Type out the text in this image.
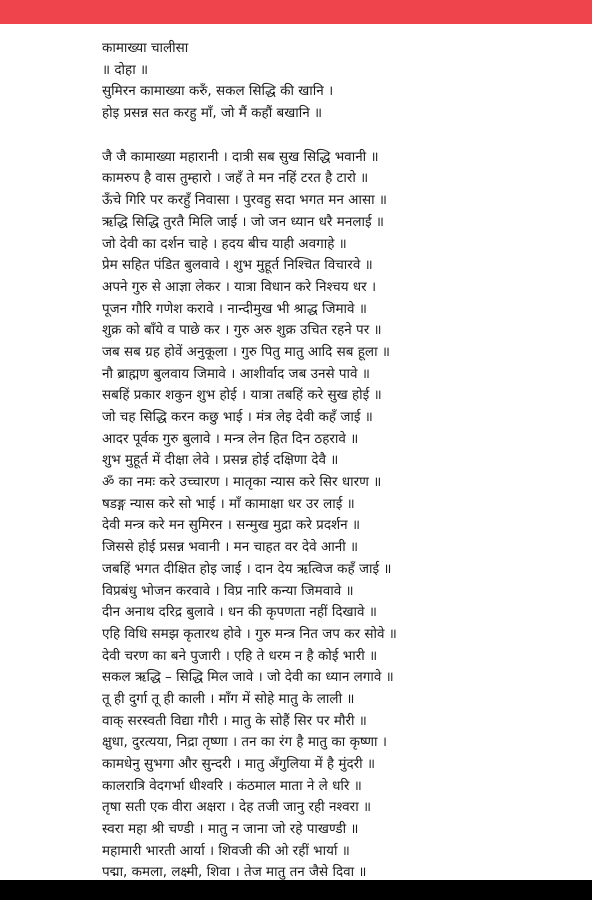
कामाख्या चालीसा
॥ दोहा ॥
सुमिरन कामाख्या करुँ, सकल सिद्धि की खानि ।
होइ प्रसन्न सत करहु माँ, जो मैं कहौं बखानि ॥
जै जै कामाख्या महारानी । दात्री सब सुख सिद्धि भवानी ॥
कामरुप है वास तुम्हारो । जहँ ते मन नहिं टरत है टारो ॥
ऊँचे गिरि पर करहुँ निवासा । पुरवहु सदा भगत मन आसा ॥
ऋद्धि सिद्धि तुरतै मिलि जाई । जो जन ध्यान धरै मनलाई ॥
जो देवी का दर्शन चाहे । हदय बीच याही अवगाहे ॥
प्रेम सहित पंडित बुलवावे । शुभ मुहूर्त निश्चित विचारवे ॥
अपने गुरु से आज्ञा लेकर । यात्रा विधान करे निश्चय धर ।
पूजन गौरि गणेश करावे । नान्दीमुख भी श्राद्ध जिमावे ॥
शुक्र को बाँये व पाछे कर । गुरु अरु शुक्र उचित रहने पर ॥
जब सब ग्रह होवें अनुकूला । गुरु पितु मातु आदि सब हूला ॥
नौ ब्राह्मण बुलवाय जिमावे । आशीर्वाद जब उनसे पावे ॥
सबहिं प्रकार शकुन शुभ होई । यात्रा तबहिं करे सुख होई ॥
जो चह सिद्धि करन कछु भाई । मंत्र लेइ देवी कहँ जाई ॥
आदर पूर्वक गुरु बुलावे । मन्त्र लेन हित दिन ठहरावे ॥
शुभ मुहूर्त में दीक्षा लेवे । प्रसन्न होई दक्षिणा देवै ॥
ॐ का नमः करे उच्चारण । मातृका न्यास करे सिर धारण ॥
षडङ्ग न्यास करे सो भाई । माँ कामाक्षा धर उर लाई ॥
देवी मन्त्र करे मन सुमिरन । सन्मुख मुद्रा करे प्रदर्शन ॥
जिससे होई प्रसन्न भवानी । मन चाहत वर देवे आनी ॥
जबहिं भगत दीक्षित होइ जाई । दान देय ऋत्विज कहँ जाई ॥
विप्रबंधु भोजन करवावे । विप्र नारि कन्या जिमवावे ॥
दीन अनाथ दरिद्र बुलावे । धन की कृपणता नहीं दिखावे ॥
एहि विधि समझ कृतारथ होवे । गुरु मन्त्र नित जप कर सोवे ॥
देवी चरण का बने पुजारी । एहि ते धरम न है कोई भारी ॥
सकल ऋद्धि – सिद्धि मिल जावे । जो देवी का ध्यान लगावे ॥
तू ही दुर्गा तू ही काली । माँग में सोहे मातु के लाली ॥
वाक् सरस्वती विद्या गौरी । मातु के सोहैं सिर पर मौरी ॥
क्षुधा, दुरत्यया, निद्रा तृष्णा । तन का रंग है मातु का कृष्णा ।
कामधेनु सुभगा और सुन्दरी । मातु अँगुलिया में है मुंदरी ॥
कालरात्रि वेदगर्भा धीश्वरि । कंठमाल माता ने ले धरि ॥
तृषा सती एक वीरा अक्षरा । देह तजी जानु रही नश्वरा ॥
स्वरा महा श्री चण्डी । मातु न जाना जो रहे पाखण्डी ॥
महामारी भारती आर्या । शिवजी की ओ रहीं भार्या ॥
पद्मा, कमला, लक्ष्मी, शिवा । तेज मातु तन जैसे दिवा ॥
